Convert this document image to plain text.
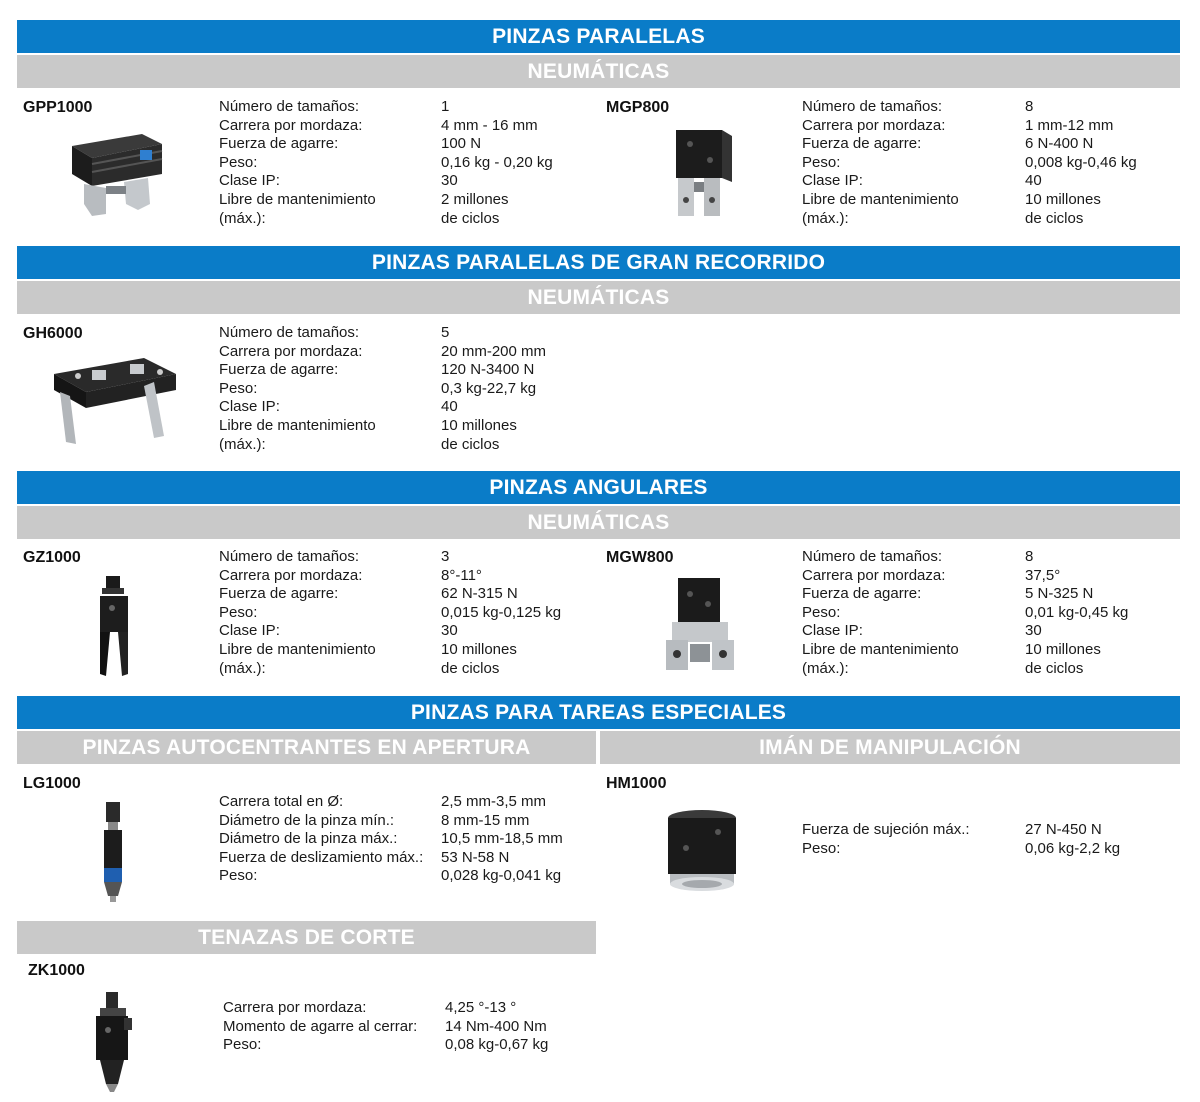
PINZAS PARALELAS
NEUMÁTICAS
GPP1000	Número de tamaños:	1
Carrera por mordaza:	4 mm - 16 mm
Fuerza de agarre:	100 N
Peso:	0,16 kg - 0,20 kg
Clase IP:	30
Libre de mantenimiento	2 millones
(máx.):	de ciclos
MGP800	Número de tamaños:	8
Carrera por mordaza:	1 mm-12 mm
Fuerza de agarre:	6 N-400 N
Peso:	0,008 kg-0,46 kg
Clase IP:	40
Libre de mantenimiento	10 millones
(máx.):	de ciclos
PINZAS PARALELAS DE GRAN RECORRIDO
NEUMÁTICAS
GH6000	Número de tamaños:	5
Carrera por mordaza:	20 mm-200 mm
Fuerza de agarre:	120 N-3400 N
Peso:	0,3 kg-22,7 kg
Clase IP:	40
Libre de mantenimiento	10 millones
(máx.):	de ciclos
PINZAS ANGULARES
NEUMÁTICAS
GZ1000	Número de tamaños:	3
Carrera por mordaza:	8°-11°
Fuerza de agarre:	62 N-315 N
Peso:	0,015 kg-0,125 kg
Clase IP:	30
Libre de mantenimiento	10 millones
(máx.):	de ciclos
MGW800	Número de tamaños:	8
Carrera por mordaza:	37,5°
Fuerza de agarre:	5 N-325 N
Peso:	0,01 kg-0,45 kg
Clase IP:	30
Libre de mantenimiento	10 millones
(máx.):	de ciclos
PINZAS PARA TAREAS ESPECIALES
PINZAS AUTOCENTRANTES EN APERTURA	IMÁN DE MANIPULACIÓN
LG1000
Carrera total en Ø:	2,5 mm-3,5 mm
Diámetro de la pinza mín.:	8 mm-15 mm
Diámetro de la pinza máx.:	10,5 mm-18,5 mm
Fuerza de deslizamiento máx.:	53 N-58 N
Peso:	0,028 kg-0,041 kg
HM1000
Fuerza de sujeción máx.:	27 N-450 N
Peso:	0,06 kg-2,2 kg
TENAZAS DE CORTE
ZK1000
Carrera por mordaza:	4,25 °-13 °
Momento de agarre al cerrar:	14 Nm-400 Nm
Peso:	0,08 kg-0,67 kg
